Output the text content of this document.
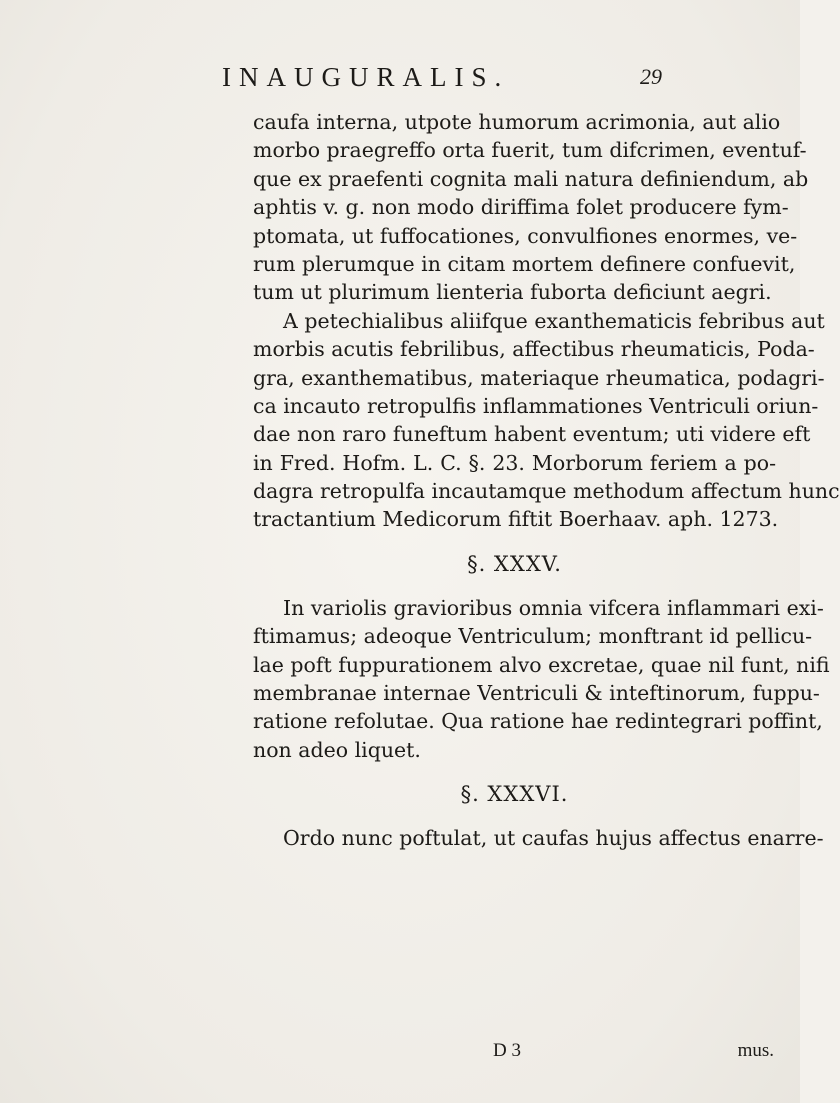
INAUGURALIS.	29
caufa interna, utpote humorum acrimonia, aut alio
morbo praegreffo orta fuerit, tum difcrimen, eventuf-
que ex praefenti cognita mali natura definiendum, ab
aphtis v. g. non modo diriffima folet producere fym-
ptomata, ut fuffocationes, convulfiones enormes, ve-
rum plerumque in citam mortem definere confuevit,
tum ut plurimum lienteria fuborta deficiunt aegri.
A petechialibus aliifque exanthematicis febribus aut
morbis acutis febrilibus, affectibus rheumaticis, Poda-
gra, exanthematibus, materiaque rheumatica, podagri-
ca incauto retropulfis inflammationes Ventriculi oriun-
dae non raro funeftum habent eventum; uti videre eft
in Fred. Hofm. L. C. §. 23. Morborum feriem a po-
dagra retropulfa incautamque methodum affectum hunc
tractantium Medicorum fiftit Boerhaav. aph. 1273.
§. XXXV.
In variolis gravioribus omnia vifcera inflammari exi-
ftimamus; adeoque Ventriculum; monftrant id pellicu-
lae poft fuppurationem alvo excretae, quae nil funt, nifi
membranae internae Ventriculi & inteftinorum, fuppu-
ratione refolutae. Qua ratione hae redintegrari poffint,
non adeo liquet.
§. XXXVI.
Ordo nunc poftulat, ut caufas hujus affectus enarre-
D 3	mus.
